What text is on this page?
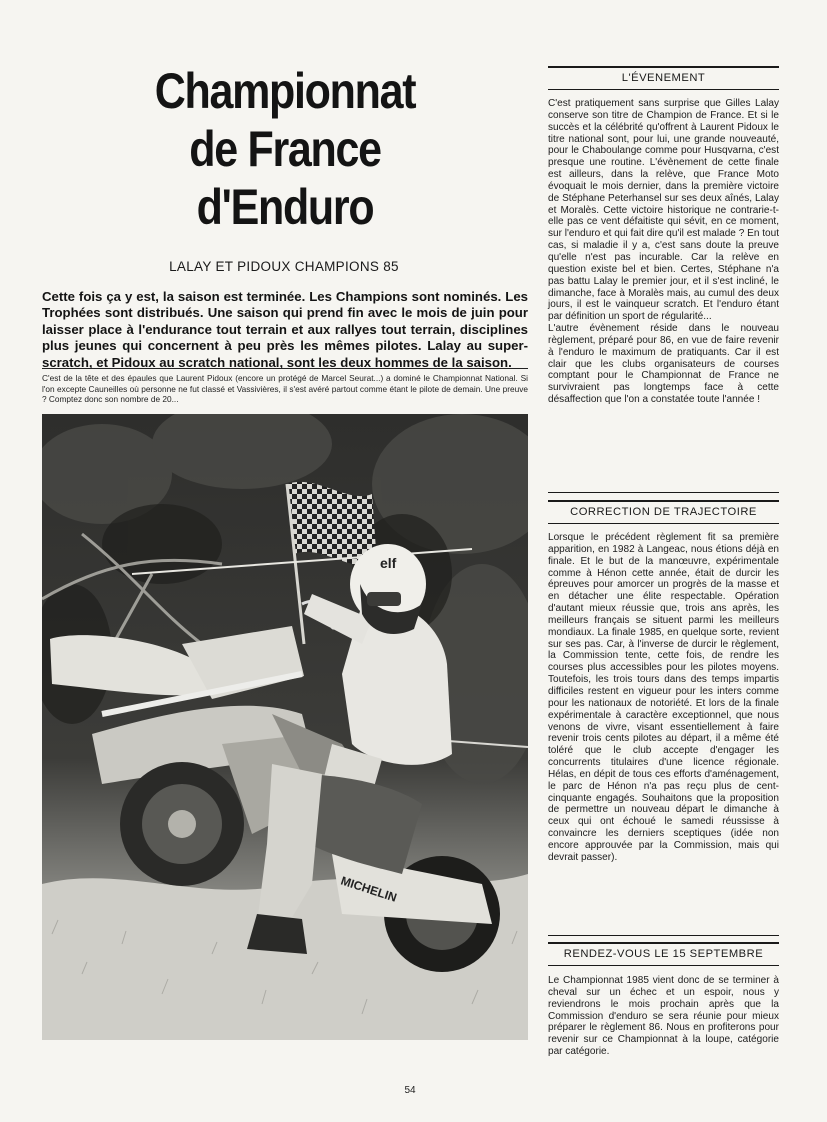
Championnat
de France
d'Enduro
LALAY ET PIDOUX CHAMPIONS 85

Cette fois ça y est, la saison est terminée. Les Champions sont nominés. Les Trophées sont distribués. Une saison qui prend fin avec le mois de juin pour laisser place à l'endurance tout terrain et aux rallyes tout terrain, disciplines plus jeunes qui concernent à peu près les mêmes pilotes. Lalay au super-scratch, et Pidoux au scratch national, sont les deux hommes de la saison.

C'est de la tête et des épaules que Laurent Pidoux (encore un protégé de Marcel Seurat...) a dominé le Championnat National. Si l'on excepte Cauneilles où personne ne fut classé et Vassivières, il s'est avéré partout comme étant le pilote de demain. Une preuve ? Comptez donc son nombre de 20...

elf
MICHELIN
L'ÉVENEMENT

C'est pratiquement sans surprise que Gilles Lalay conserve son titre de Champion de France. Et si le succès et la célébrité qu'offrent à Laurent Pidoux le titre national sont, pour lui, une grande nouveauté, pour le Chaboulange comme pour Husqvarna, c'est presque une routine. L'évènement de cette finale est ailleurs, dans la relève, que France Moto évoquait le mois dernier, dans la première victoire de Stéphane Peterhansel sur ses deux aînés, Lalay et Moralès. Cette victoire historique ne contrarie-t-elle pas ce vent défaitiste qui sévit, en ce moment, sur l'enduro et qui fait dire qu'il est malade ? En tout cas, si maladie il y a, c'est sans doute la preuve qu'elle n'est pas incurable. Car la relève en question existe bel et bien. Certes, Stéphane n'a pas battu Lalay le premier jour, et il s'est incliné, le dimanche, face à Moralès mais, au cumul des deux jours, il est le vainqueur scratch. Et l'enduro étant par définition un sport de régularité...

L'autre évènement réside dans le nouveau règlement, préparé pour 86, en vue de faire revenir à l'enduro le maximum de pratiquants. Car il est clair que les clubs organisateurs de courses comptant pour le Championnat de France ne survivraient pas longtemps face à cette désaffection que l'on a constatée toute l'année !

CORRECTION DE TRAJECTOIRE

Lorsque le précédent règlement fit sa première apparition, en 1982 à Langeac, nous étions déjà en finale. Et le but de la manœuvre, expérimentale comme à Hénon cette année, était de durcir les épreuves pour amorcer un progrès de la masse et en détacher une élite respectable. Opération d'autant mieux réussie que, trois ans après, les meilleurs français se situent parmi les meilleurs mondiaux. La finale 1985, en quelque sorte, revient sur ses pas. Car, à l'inverse de durcir le règlement, la Commission tente, cette fois, de rendre les courses plus accessibles pour les pilotes moyens. Toutefois, les trois tours dans des temps impartis difficiles restent en vigueur pour les inters comme pour les nationaux de notoriété. Et lors de la finale expérimentale à caractère exceptionnel, que nous venons de vivre, visant essentiellement à faire revenir trois cents pilotes au départ, il a même été toléré que le club accepte d'engager les concurrents titulaires d'une licence régionale. Hélas, en dépit de tous ces efforts d'aménagement, le parc de Hénon n'a pas reçu plus de cent-cinquante engagés. Souhaitons que la proposition de permettre un nouveau départ le dimanche à ceux qui ont échoué le samedi réussisse à convaincre les derniers sceptiques (idée non encore approuvée par la Commission, mais qui devrait passer).

RENDEZ-VOUS LE 15 SEPTEMBRE

Le Championnat 1985 vient donc de se terminer à cheval sur un échec et un espoir, nous y reviendrons le mois prochain après que la Commission d'enduro se sera réunie pour mieux préparer le règlement 86. Nous en profiterons pour revenir sur ce Championnat à la loupe, catégorie par catégorie.

54
